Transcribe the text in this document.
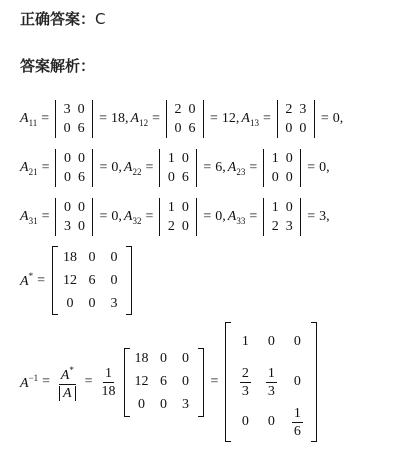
正确答案：C
答案解析：
$A_{11}$ =
3 0
0 6
= 18, $A_{12}$ =
2 0
0 6
= 12, $A_{13}$ =
2 3
0 0
= 0,
$A_{21}$ =
0 0
0 6
= 0, $A_{22}$ =
1 0
0 6
= 6, $A_{23}$ =
1 0
0 0
= 0,
$A_{31}$ =
0 0
3 0
= 0, $A_{32}$ =
1 0
2 0
= 0, $A_{33}$ =
1 0
2 3
= 3,
A* =
18 0	0
12 6	0
0	0	3
$A^{-1} = \frac{A^*}{A} = \frac{1}{18}$
18 0	0
12 6	0
0	0	3
=
1	0	0
$\frac{2}{3} \frac{1}{3}$	0
0	0	$\frac{1}{6}$
